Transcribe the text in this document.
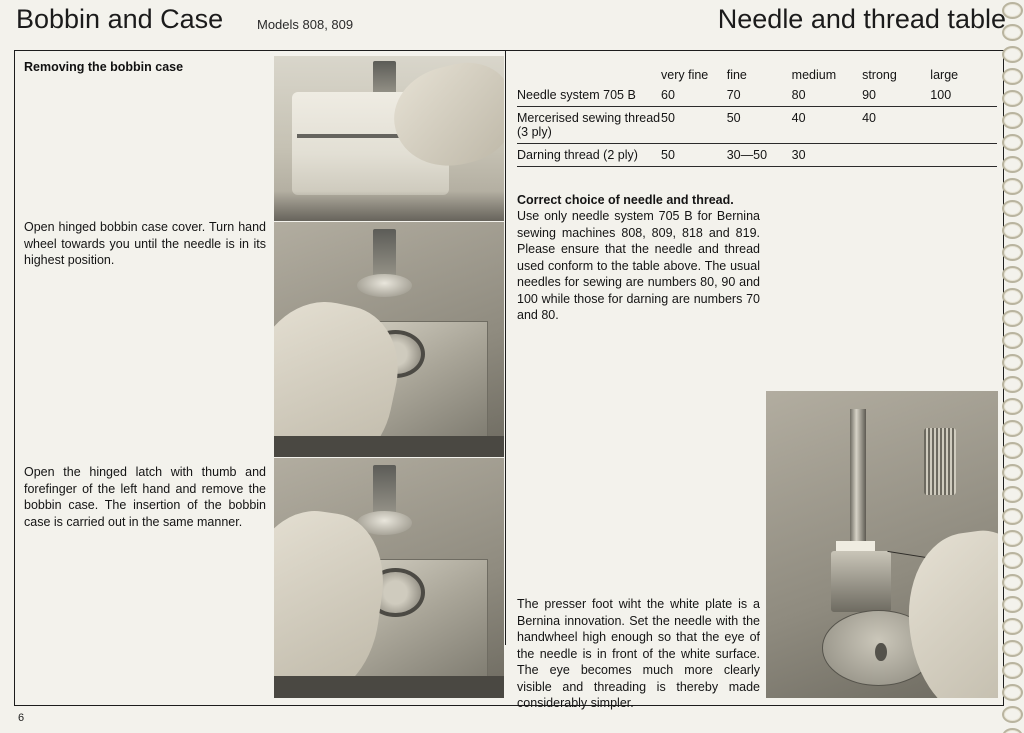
Bobbin and Case	Models 808, 809	Needle and thread table
Removing the bobbin case
Open hinged bobbin case cover. Turn hand wheel towards you until the needle is in its highest position.
Open the hinged latch with thumb and forefinger of the left hand and remove the bobbin case. The insertion of the bobbin case is carried out in the same manner.
	very fine	fine	medium	strong	large
Needle system 705 B	60	70	80	90	100
Mercerised sewing thread (3 ply)	50	50	40	40	
Darning thread (2 ply)	50	30—50	30		
Correct choice of needle and thread.
Use only needle system 705 B for Bernina sewing machines 808, 809, 818 and 819. Please ensure that the needle and thread used conform to the table above. The usual needles for sewing are numbers 80, 90 and 100 while those for darning are numbers 70 and 80.
The presser foot wiht the white plate is a Bernina innovation. Set the needle with the handwheel high enough so that the eye of the needle is in front of the white surface. The eye becomes much more clearly visible and threading is thereby made considerably simpler.
6
